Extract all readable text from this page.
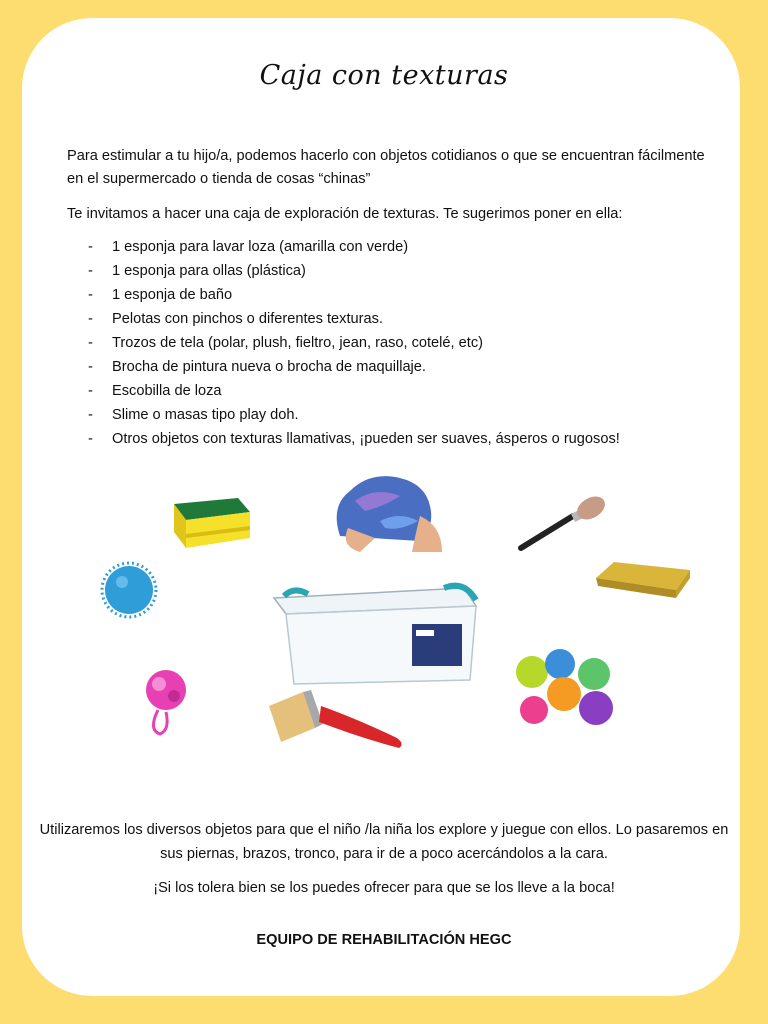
Caja con texturas
Para estimular a tu hijo/a, podemos hacerlo con objetos cotidianos o que se encuentran fácilmente en el supermercado o tienda de cosas “chinas”
Te invitamos a hacer una caja de exploración de texturas. Te sugerimos poner en ella:
- 1 esponja para lavar loza (amarilla con verde)
- 1 esponja para ollas (plástica)
- 1 esponja de baño
- Pelotas con pinchos o diferentes texturas.
- Trozos de tela (polar, plush, fieltro, jean, raso, cotelé, etc)
- Brocha de pintura nueva o brocha de maquillaje.
- Escobilla de loza
- Slime o masas tipo play doh.
- Otros objetos con texturas llamativas, ¡pueden ser suaves, ásperos o rugosos!
Utilizaremos los diversos objetos para que el niño /la niña los explore y juegue con ellos. Lo pasaremos en sus piernas, brazos, tronco, para ir de a poco acercándolos a la cara.
¡Si los tolera bien se los puedes ofrecer para que se los lleve a la boca!
EQUIPO DE REHABILITACIÓN HEGC
